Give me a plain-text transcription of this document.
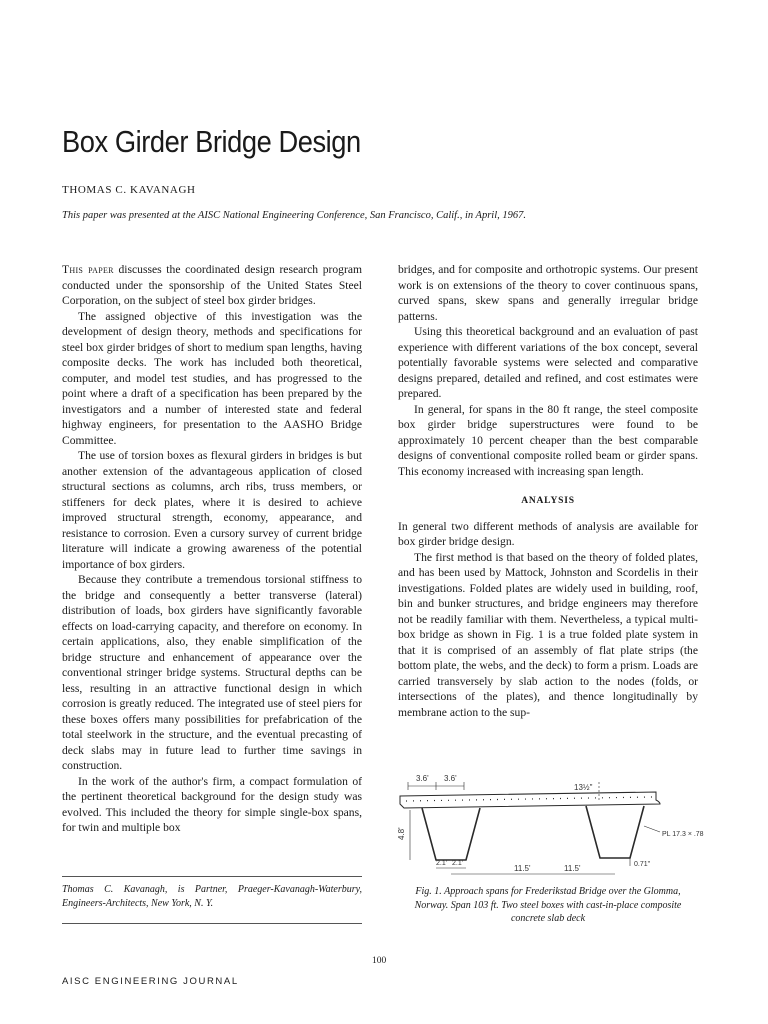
Box Girder Bridge Design
THOMAS C. KAVANAGH
This paper was presented at the AISC National Engineering Conference, San Francisco, Calif., in April, 1967.

This paper discusses the coordinated design research program conducted under the sponsorship of the United States Steel Corporation, on the subject of steel box girder bridges.

The assigned objective of this investigation was the development of design theory, methods and specifications for steel box girder bridges of short to medium span lengths, having composite decks. The work has included both theoretical, computer, and model test studies, and has progressed to the point where a draft of a specification has been prepared by the investigators and a number of interested state and federal highway engineers, for presentation to the AASHO Bridge Committee.

The use of torsion boxes as flexural girders in bridges is but another extension of the advantageous application of closed structural sections as columns, arch ribs, truss members, or stiffeners for deck plates, where it is desired to achieve improved structural strength, economy, appearance, and resistance to corrosion. Even a cursory survey of current bridge literature will indicate a growing awareness of the potential importance of box girders.

Because they contribute a tremendous torsional stiffness to the bridge and consequently a better transverse (lateral) distribution of loads, box girders have significantly favorable effects on load-carrying capacity, and therefore on economy. In certain applications, also, they enable simplification of the bridge structure and enhancement of appearance over the conventional stringer bridge systems. Structural depths can be less, resulting in an attractive functional design in which corrosion is greatly reduced. The integrated use of steel piers for these boxes offers many possibilities for prefabrication of the total steelwork in the structure, and the eventual precasting of deck slabs may in future lead to further time savings in construction.

In the work of the author's firm, a compact formulation of the pertinent theoretical background for the design study was evolved. This included the theory for simple single-box spans, for twin and multiple box

bridges, and for composite and orthotropic systems. Our present work is on extensions of the theory to cover continuous spans, curved spans, skew spans and generally irregular bridge patterns.

Using this theoretical background and an evaluation of past experience with different variations of the box concept, several potentially favorable systems were selected and comparative designs prepared, detailed and refined, and cost estimates were prepared.

In general, for spans in the 80 ft range, the steel composite box girder bridge superstructures were found to be approximately 10 percent cheaper than the best comparable designs of conventional composite rolled beam or girder spans. This economy increased with increasing span length.

ANALYSIS

In general two different methods of analysis are available for box girder bridge design.

The first method is that based on the theory of folded plates, and has been used by Mattock, Johnston and Scordelis in their investigations. Folded plates are widely used in building, roof, bin and bunker structures, and bridge engineers may therefore not be readily familiar with them. Nevertheless, a typical multi-box bridge as shown in Fig. 1 is a true folded plate system in that it is comprised of an assembly of flat plate strips (the bottom plate, the webs, and the deck) to form a prism. Loads are carried transversely by slab action to the nodes (folds, or intersections of the plates), and thence longitudinally by membrane action to the sup-

Thomas C. Kavanagh, is Partner, Praeger-Kavanagh-Waterbury, Engineers-Architects, New York, N. Y.
3.6' 3.6'
13½"
4.8'	PL 17.3 × .78
2.1' 2.1'
11.5'	11.5'	0.71"
Fig. 1. Approach spans for Frederikstad Bridge over the Glomma, Norway. Span 103 ft. Two steel boxes with cast-in-place composite concrete slab deck
100
AISC ENGINEERING JOURNAL
